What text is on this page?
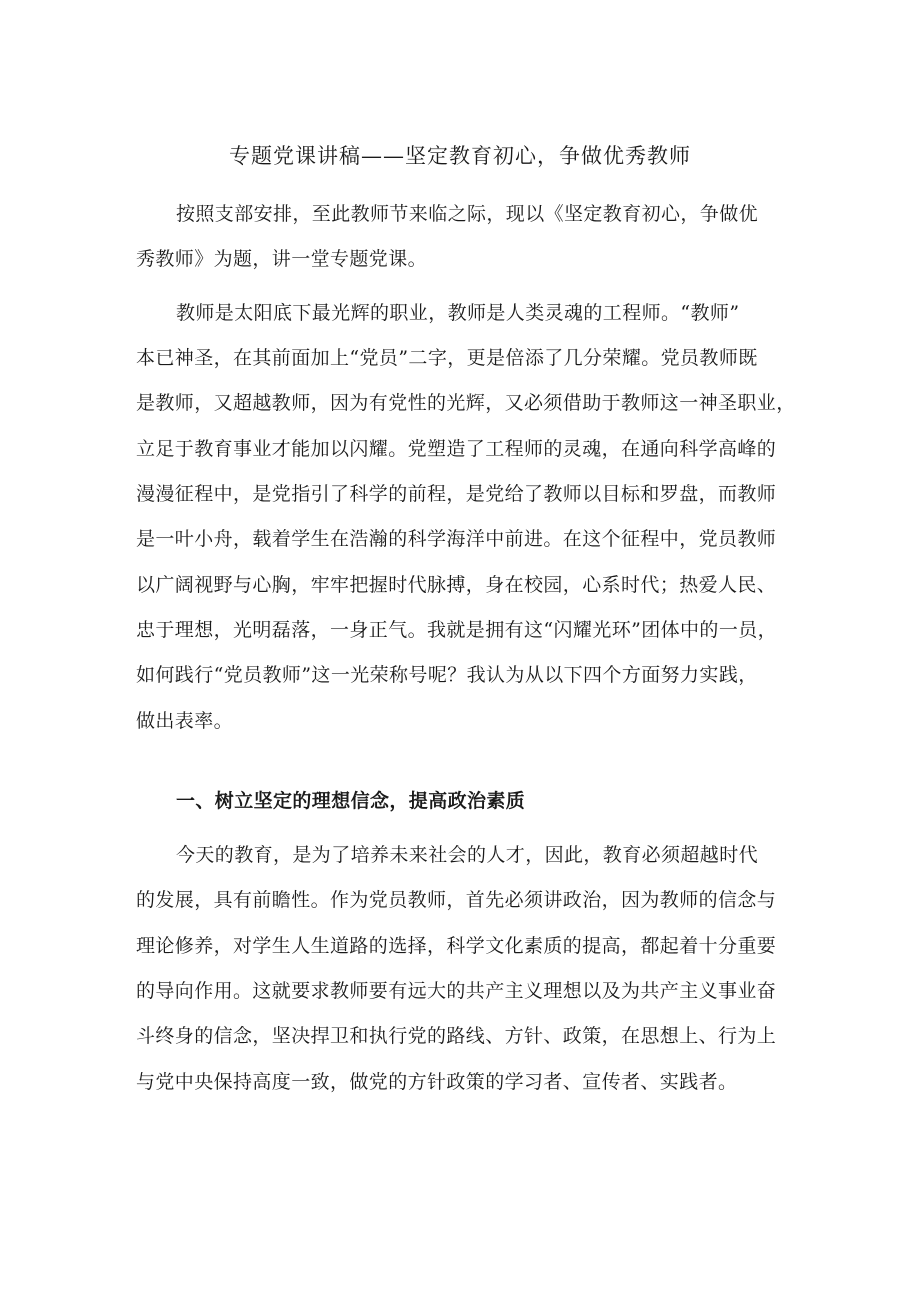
专题党课讲稿——坚定教育初心，争做优秀教师
按照支部安排，至此教师节来临之际，现以《坚定教育初心，争做优
秀教师》为题，讲一堂专题党课。
教师是太阳底下最光辉的职业，教师是人类灵魂的工程师。“教师”
本已神圣，在其前面加上“党员”二字，更是倍添了几分荣耀。党员教师既
是教师，又超越教师，因为有党性的光辉，又必须借助于教师这一神圣职业，
立足于教育事业才能加以闪耀。党塑造了工程师的灵魂，在通向科学高峰的
漫漫征程中，是党指引了科学的前程，是党给了教师以目标和罗盘，而教师
是一叶小舟，载着学生在浩瀚的科学海洋中前进。在这个征程中，党员教师
以广阔视野与心胸，牢牢把握时代脉搏，身在校园，心系时代；热爱人民、
忠于理想，光明磊落，一身正气。我就是拥有这“闪耀光环”团体中的一员，
如何践行“党员教师”这一光荣称号呢？我认为从以下四个方面努力实践，
做出表率。
一、树立坚定的理想信念，提高政治素质
今天的教育，是为了培养未来社会的人才，因此，教育必须超越时代
的发展，具有前瞻性。作为党员教师，首先必须讲政治，因为教师的信念与
理论修养，对学生人生道路的选择，科学文化素质的提高，都起着十分重要
的导向作用。这就要求教师要有远大的共产主义理想以及为共产主义事业奋
斗终身的信念，坚决捍卫和执行党的路线、方针、政策，在思想上、行为上
与党中央保持高度一致，做党的方针政策的学习者、宣传者、实践者。
